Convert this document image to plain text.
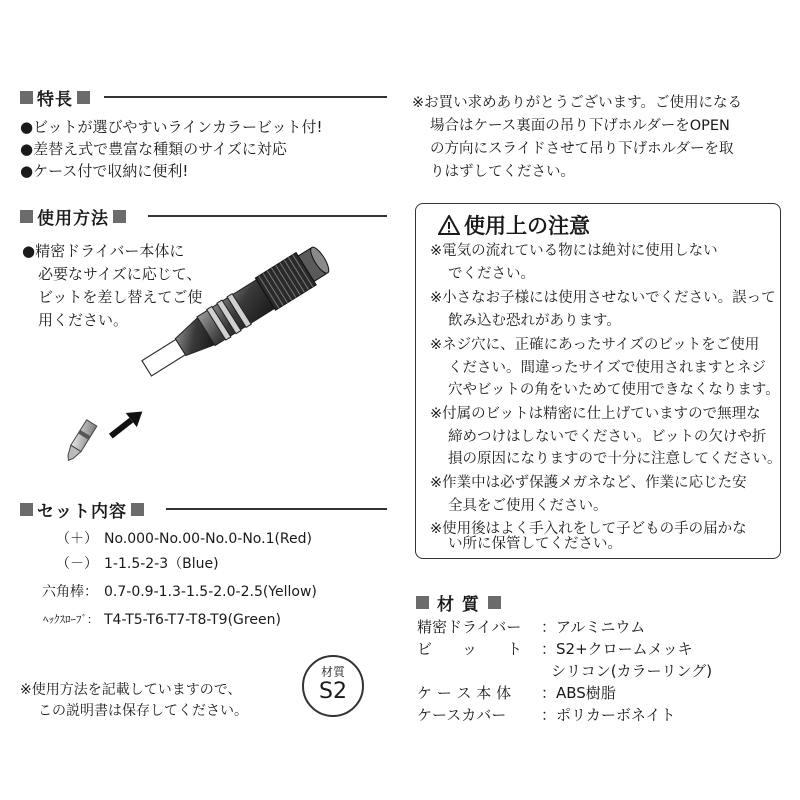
特長
●ビットが選びやすいラインカラービット付!
●差替え式で豊富な種類のサイズに対応
●ケース付で収納に便利!
使用方法
●精密ドライバー本体に
必要なサイズに応じて、
ビットを差し替えてご使
用ください。
セット内容
（＋） No.000-No.00-No.0-No.1(Red)
（－） 1-1.5-2-3（Blue)
六角棒： 0.7-0.9-1.3-1.5-2.0-2.5(Yellow)
ﾍｯｸｽﾛｰﾌﾞ： T4-T5-T6-T7-T8-T9(Green)
※使用方法を記載していますので、
この説明書は保存してください。
材質
S2
※お買い求めありがとうございます。ご使用になる
場合はケース裏面の吊り下げホルダーをOPEN
の方向にスライドさせて吊り下げホルダーを取
りはずしてください。
使用上の注意
※電気の流れている物には絶対に使用しない
でください。
※小さなお子様には使用させないでください。誤って
飲み込む恐れがあります。
※ネジ穴に、正確にあったサイズのビットをご使用
ください。間違ったサイズで使用されますとネジ
穴やビットの角をいためて使用できなくなります。
※付属のビットは精密に仕上げていますので無理な
締めつけはしないでください。ビットの欠けや折
損の原因になりますので十分に注意してください。
※作業中は必ず保護メガネなど、作業に応じた安
全具をご使用ください。
※使用後はよく手入れをして子どもの手の届かな
い所に保管してください。
材 質
精密ドライバー	：アルミニウム
ビ　　ッ　　ト	：S2+クロームメッキ
シリコン(カラーリング)
ケ ー ス 本 体	：ABS樹脂
ケースカバー	：ポリカーボネイト
